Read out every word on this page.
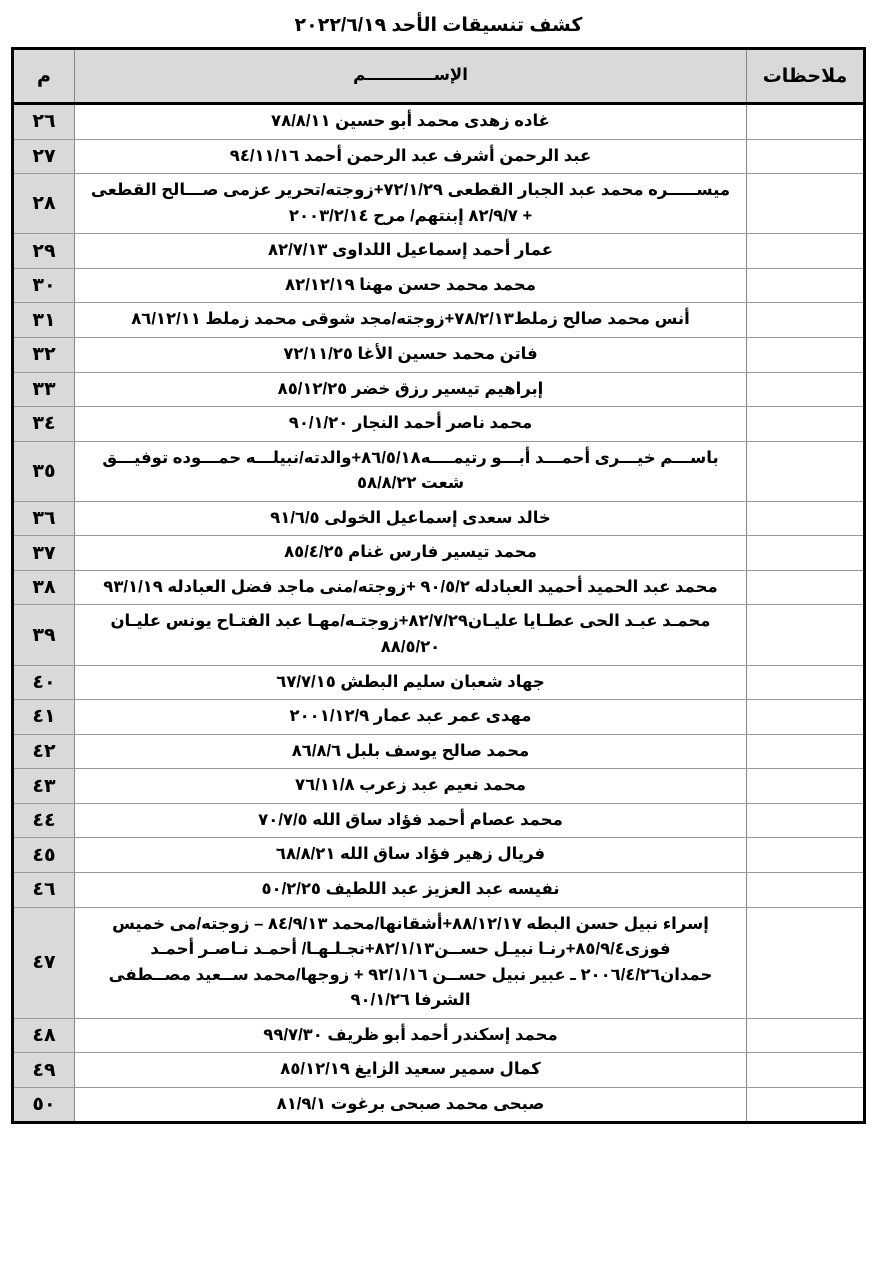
كشف تنسيقات الأحد ٢٠٢٢/٦/١٩
ملاحظات	الإســــــــــــم	م

	غاده زهدى محمد أبو حسين ٧٨/٨/١١	٢٦

	عبد الرحمن أشرف عبد الرحمن أحمد ٩٤/١١/١٦	٢٧

	ميســـــره محمد عبد الجبار القطعى ٧٢/١/٢٩+زوجته/تحرير عزمى صـــالح القطعى
+ ٨٢/٩/٧ إبنتهم/ مرح ٢٠٠٣/٢/١٤	٢٨

	عمار أحمد إسماعيل اللداوى ٨٢/٧/١٣	٢٩

	محمد محمد حسن مهنا ٨٢/١٢/١٩	٣٠

	أنس محمد صالح زملط٧٨/٢/١٣+زوجته/مجد شوقى محمد زملط ٨٦/١٢/١١	٣١

	فاتن محمد حسين الأغا ٧٢/١١/٢٥	٣٢

	إبراهيم تيسير رزق خضر ٨٥/١٢/٢٥	٣٣

	محمد ناصر أحمد النجار ٩٠/١/٢٠	٣٤

	باســـم خيـــرى أحمـــد أبـــو رتيمــــه٨٦/٥/١٨+والدته/نبيلـــه حمـــوده توفيـــق
شعت ٥٨/٨/٢٢	٣٥

	خالد سعدى إسماعيل الخولى ٩١/٦/٥	٣٦

	محمد تيسير فارس غنام ٨٥/٤/٢٥	٣٧

	محمد عبد الحميد أحميد العبادله ٩٠/٥/٢ +زوجته/منى ماجد فضل العبادله ٩٣/١/١٩	٣٨

	محمـد عبـد الحى عطـايا عليـان٨٢/٧/٢٩+زوجتـه/مهـا عبد الفتـاح يونس عليـان
٨٨/٥/٢٠	٣٩

	جهاد شعبان سليم البطش ٦٧/٧/١٥	٤٠

	مهدى عمر عبد عمار ٢٠٠١/١٢/٩	٤١

	محمد صالح يوسف بلبل ٨٦/٨/٦	٤٢

	محمد نعيم عبد زعرب ٧٦/١١/٨	٤٣

	محمد عصام أحمد فؤاد ساق الله ٧٠/٧/٥	٤٤

	فريال زهير فؤاد ساق الله ٦٨/٨/٢١	٤٥

	نفيسه عبد العزيز عبد اللطيف ٥٠/٢/٢٥	٤٦

	إسراء نبيل حسن البطه ٨٨/١٢/١٧+أشقانها/محمد ٨٤/٩/١٣ – زوجته/مى خميس
فوزى٨٥/٩/٤+رنـا نبيـل حســن٨٢/١/١٣+نجـلـهـا/ أحمـد نـاصـر أحمـد
حمدان٢٠٠٦/٤/٢٦ ـ عبير نبيل حســن ٩٢/١/١٦ + زوجها/محمد ســعيد مصــطفى
الشرفا ٩٠/١/٢٦	٤٧

	محمد إسكندر أحمد أبو ظريف ٩٩/٧/٣٠	٤٨

	كمال سمير سعيد الزايغ ٨٥/١٢/١٩	٤٩

	صبحى محمد صبحى برغوت ٨١/٩/١	٥٠
